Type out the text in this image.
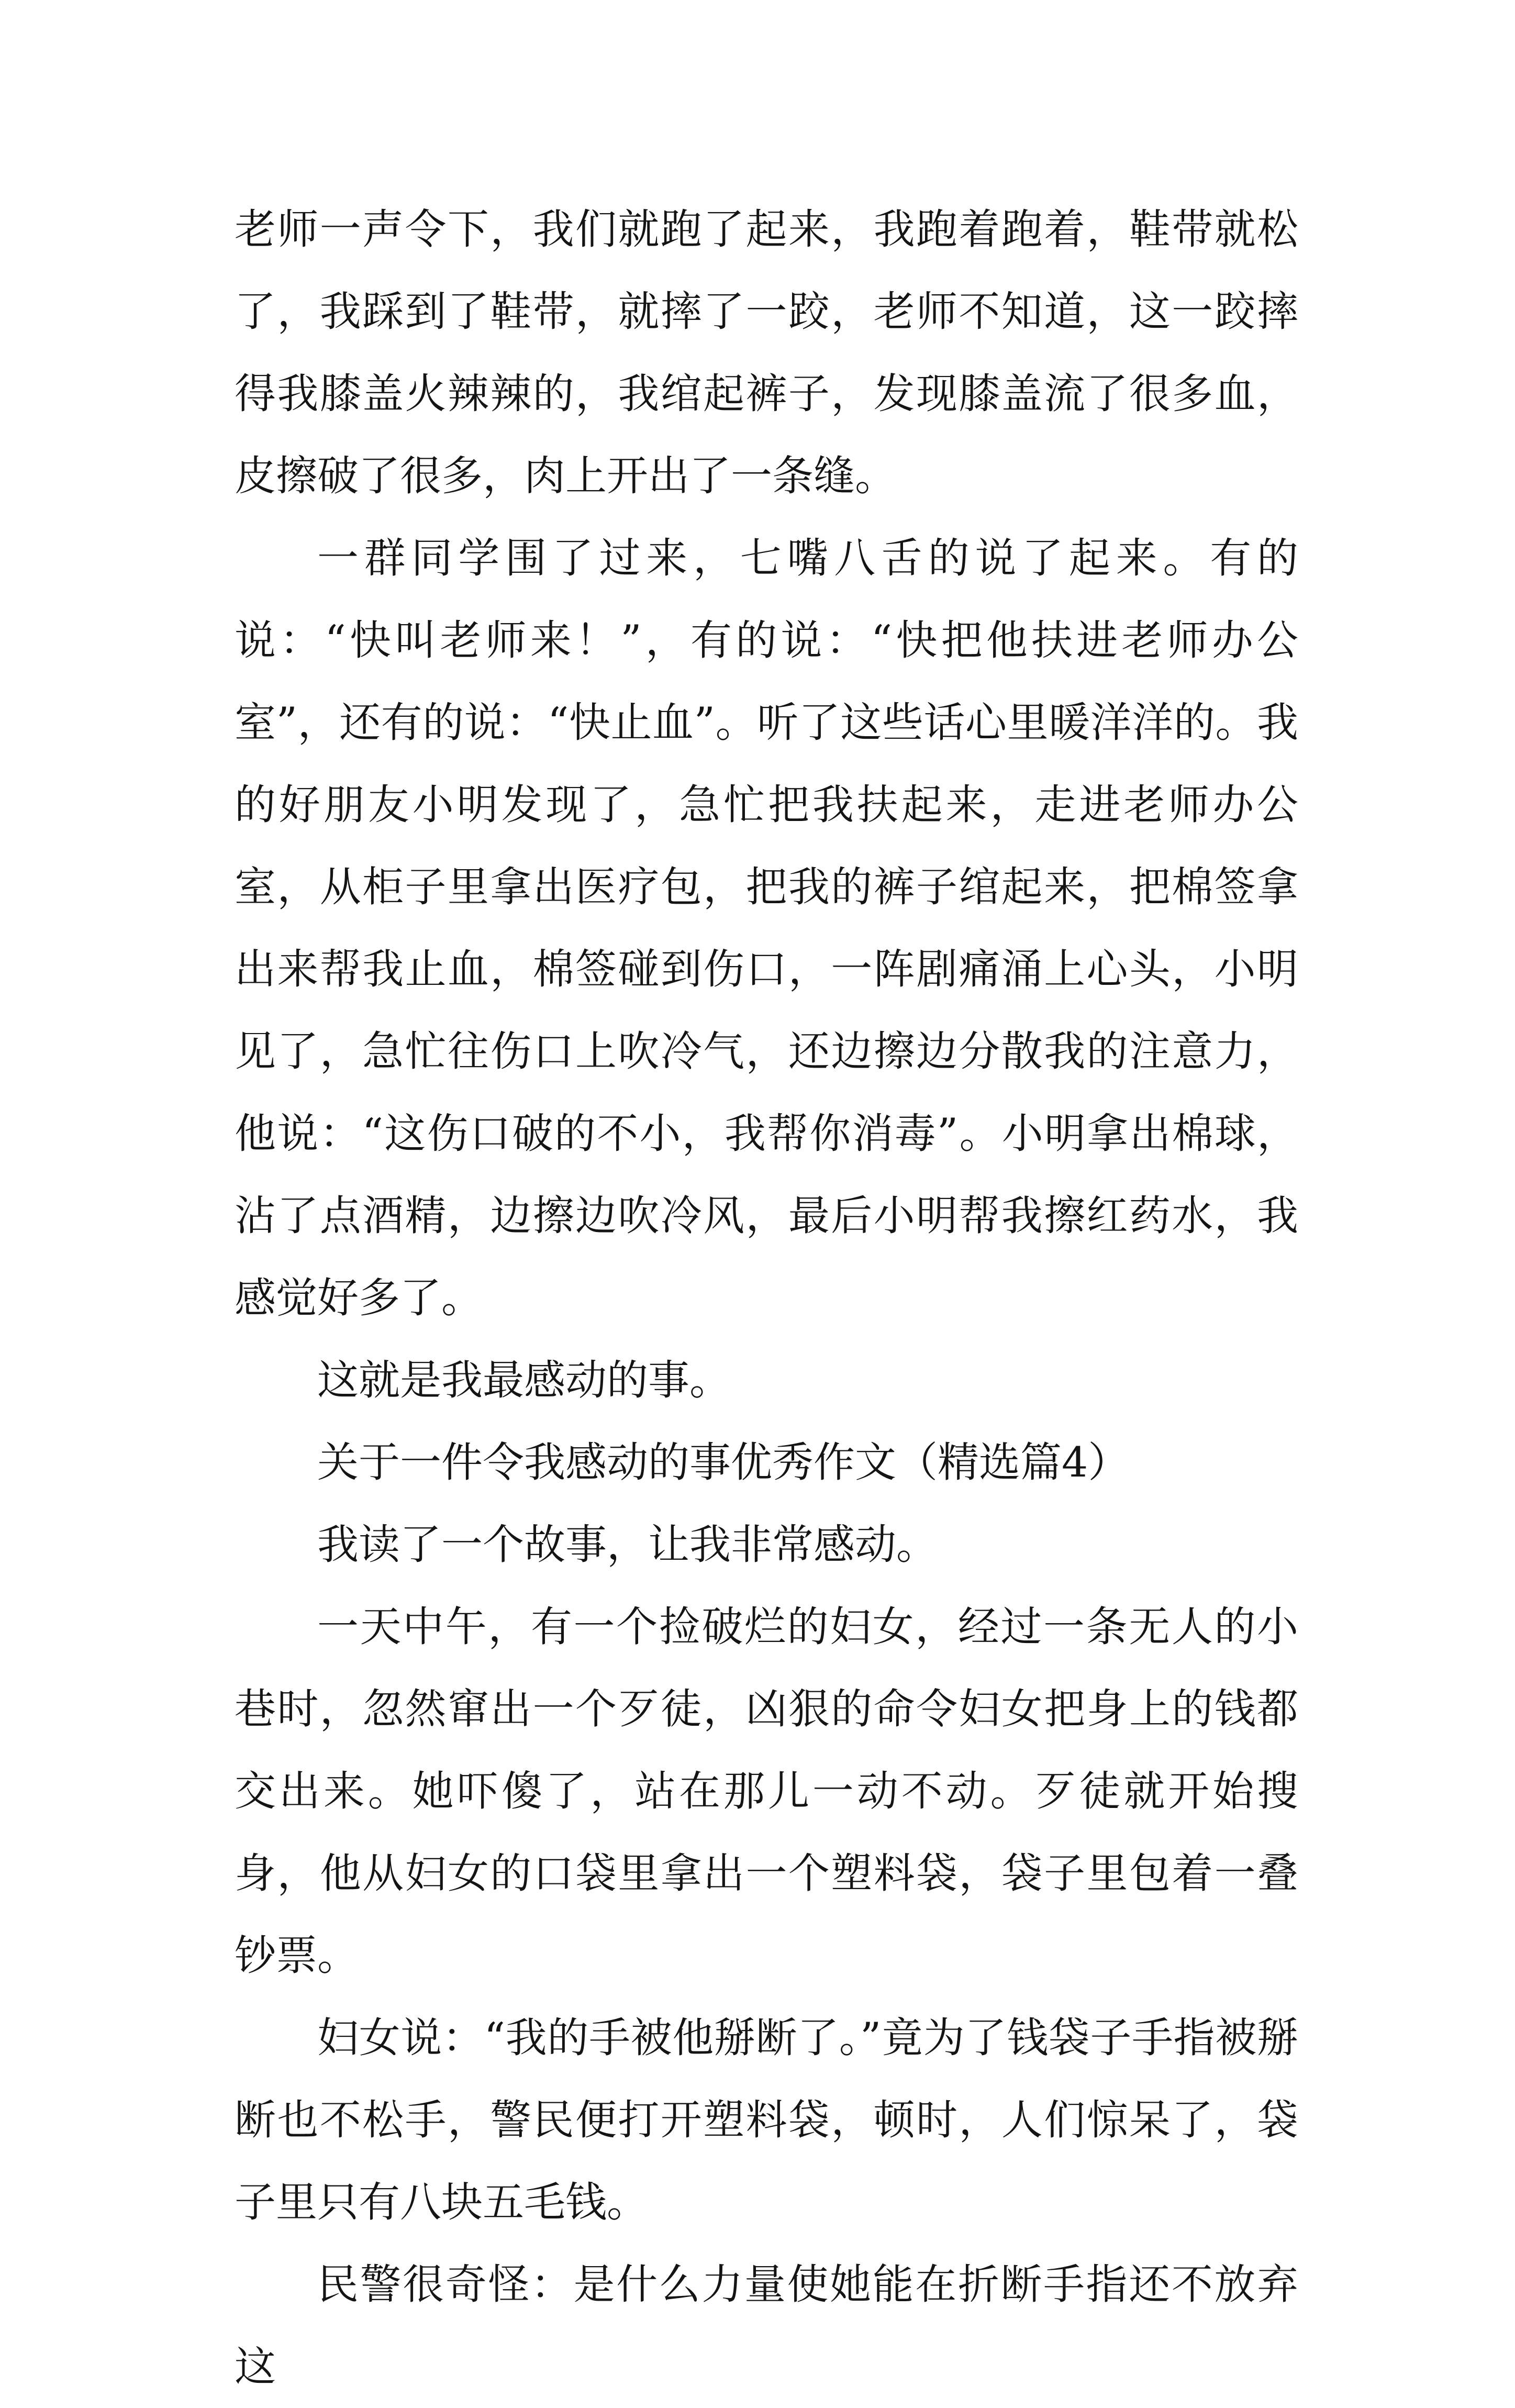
老师一声令下，我们就跑了起来，我跑着跑着，鞋带就松了，我踩到了鞋带，就摔了一跤，老师不知道，这一跤摔得我膝盖火辣辣的，我绾起裤子，发现膝盖流了很多血，皮擦破了很多，肉上开出了一条缝。

一群同学围了过来，七嘴八舌的说了起来。有的说：“快叫老师来！”，有的说：“快把他扶进老师办公室”，还有的说：“快止血”。听了这些话心里暖洋洋的。我的好朋友小明发现了，急忙把我扶起来，走进老师办公室，从柜子里拿出医疗包，把我的裤子绾起来，把棉签拿出来帮我止血，棉签碰到伤口，一阵剧痛涌上心头，小明见了，急忙往伤口上吹冷气，还边擦边分散我的注意力，他说：“这伤口破的不小，我帮你消毒”。小明拿出棉球，沾了点酒精，边擦边吹冷风，最后小明帮我擦红药水，我感觉好多了。

这就是我最感动的事。

关于一件令我感动的事优秀作文（精选篇4）

我读了一个故事，让我非常感动。

一天中午，有一个捡破烂的妇女，经过一条无人的小巷时，忽然窜出一个歹徒，凶狠的命令妇女把身上的钱都交出来。她吓傻了，站在那儿一动不动。歹徒就开始搜身，他从妇女的口袋里拿出一个塑料袋，袋子里包着一叠钞票。

妇女说：“我的手被他掰断了。”竟为了钱袋子手指被掰断也不松手，警民便打开塑料袋，顿时，人们惊呆了，袋子里只有八块五毛钱。

民警很奇怪：是什么力量使她能在折断手指还不放弃这
